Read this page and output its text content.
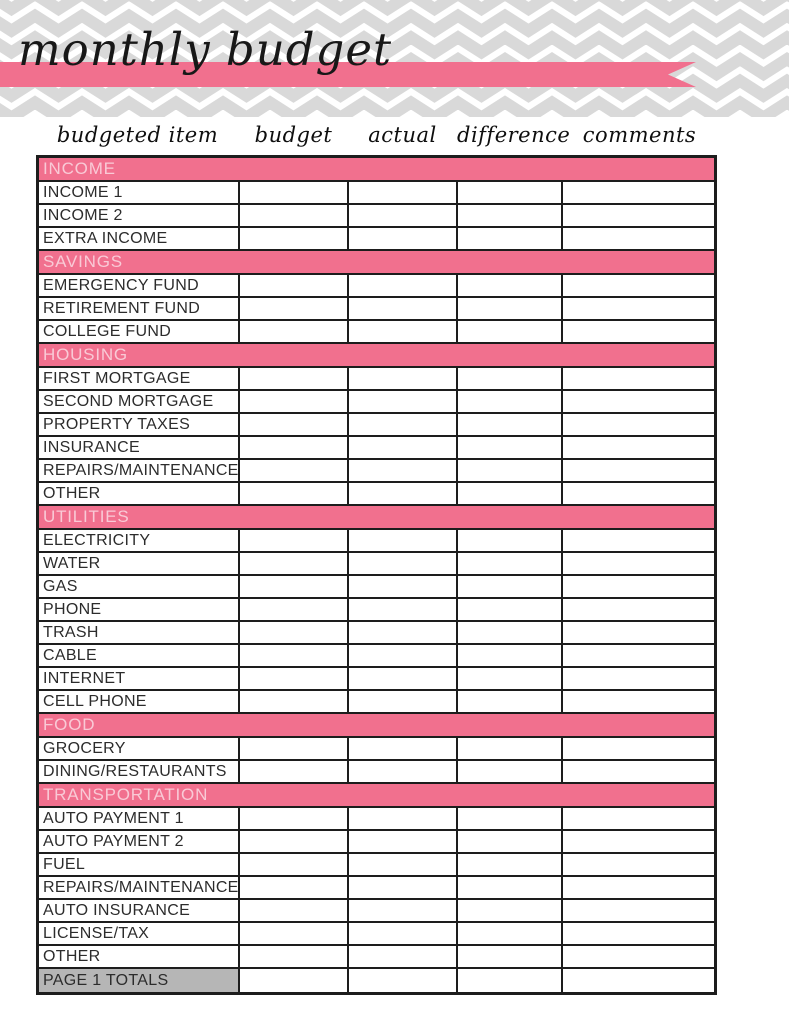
monthly budget
budgeted item	budget	actual difference comments
INCOME
INCOME 1
INCOME 2
EXTRA INCOME
SAVINGS
EMERGENCY FUND
RETIREMENT FUND
COLLEGE FUND
HOUSING
FIRST MORTGAGE
SECOND MORTGAGE
PROPERTY TAXES
INSURANCE
REPAIRS/MAINTENANCE
OTHER
UTILITIES
ELECTRICITY
WATER
GAS
PHONE
TRASH
CABLE
INTERNET
CELL PHONE
FOOD
GROCERY
DINING/RESTAURANTS
TRANSPORTATION
AUTO PAYMENT 1
AUTO PAYMENT 2
FUEL
REPAIRS/MAINTENANCE
AUTO INSURANCE
LICENSE/TAX
OTHER
PAGE 1 TOTALS
